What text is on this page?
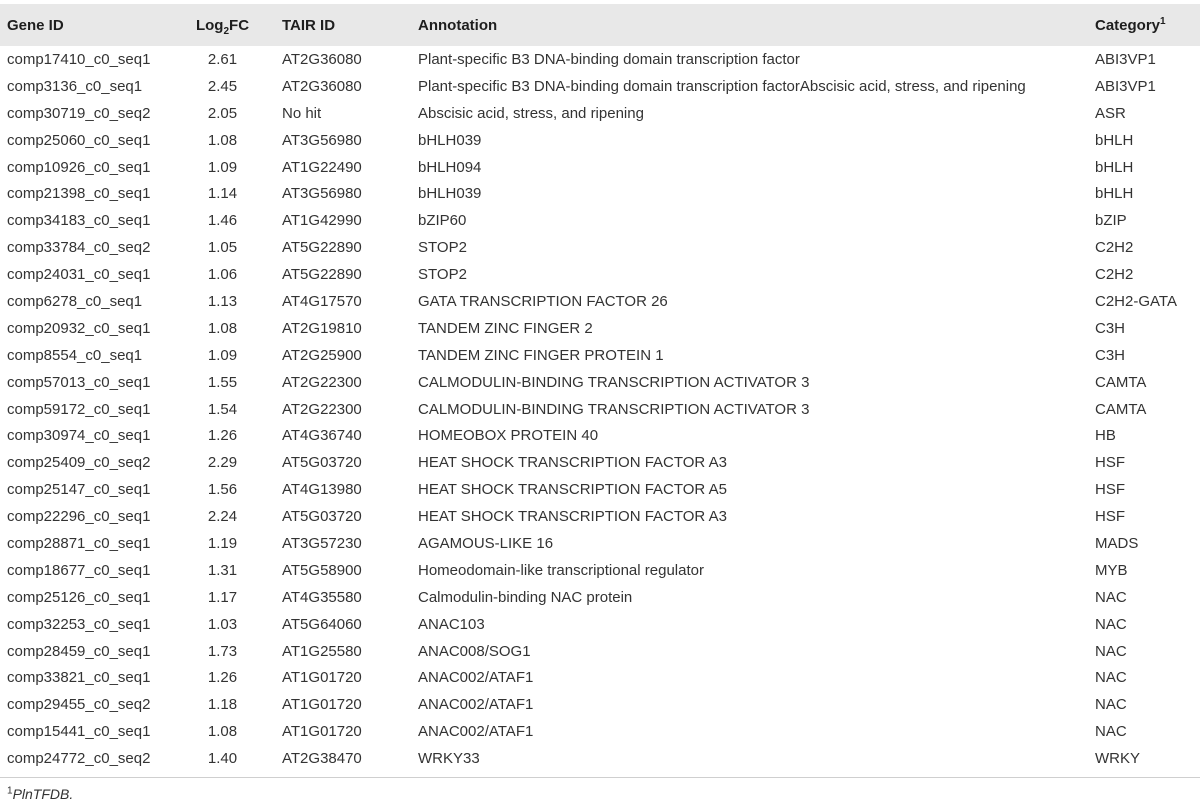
Gene ID	Log$_2$FC	TAIR ID	Annotation	Category$^1$
comp17410_c0_seq1	2.61	AT2G36080	Plant-specific B3 DNA-binding domain transcription factor	ABI3VP1
comp3136_c0_seq1	2.45	AT2G36080	Plant-specific B3 DNA-binding domain transcription factorAbscisic acid, stress, and ripening	ABI3VP1
comp30719_c0_seq2	2.05	No hit	Abscisic acid, stress, and ripening	ASR
comp25060_c0_seq1	1.08	AT3G56980	bHLH039	bHLH
comp10926_c0_seq1	1.09	AT1G22490	bHLH094	bHLH
comp21398_c0_seq1	1.14	AT3G56980	bHLH039	bHLH
comp34183_c0_seq1	1.46	AT1G42990	bZIP60	bZIP
comp33784_c0_seq2	1.05	AT5G22890	STOP2	C2H2
comp24031_c0_seq1	1.06	AT5G22890	STOP2	C2H2
comp6278_c0_seq1	1.13	AT4G17570	GATA TRANSCRIPTION FACTOR 26	C2H2-GATA
comp20932_c0_seq1	1.08	AT2G19810	TANDEM ZINC FINGER 2	C3H
comp8554_c0_seq1	1.09	AT2G25900	TANDEM ZINC FINGER PROTEIN 1	C3H
comp57013_c0_seq1	1.55	AT2G22300	CALMODULIN-BINDING TRANSCRIPTION ACTIVATOR 3	CAMTA
comp59172_c0_seq1	1.54	AT2G22300	CALMODULIN-BINDING TRANSCRIPTION ACTIVATOR 3	CAMTA
comp30974_c0_seq1	1.26	AT4G36740	HOMEOBOX PROTEIN 40	HB
comp25409_c0_seq2	2.29	AT5G03720	HEAT SHOCK TRANSCRIPTION FACTOR A3	HSF
comp25147_c0_seq1	1.56	AT4G13980	HEAT SHOCK TRANSCRIPTION FACTOR A5	HSF
comp22296_c0_seq1	2.24	AT5G03720	HEAT SHOCK TRANSCRIPTION FACTOR A3	HSF
comp28871_c0_seq1	1.19	AT3G57230	AGAMOUS-LIKE 16	MADS
comp18677_c0_seq1	1.31	AT5G58900	Homeodomain-like transcriptional regulator	MYB
comp25126_c0_seq1	1.17	AT4G35580	Calmodulin-binding NAC protein	NAC
comp32253_c0_seq1	1.03	AT5G64060	ANAC103	NAC
comp28459_c0_seq1	1.73	AT1G25580	ANAC008/SOG1	NAC
comp33821_c0_seq1	1.26	AT1G01720	ANAC002/ATAF1	NAC
comp29455_c0_seq2	1.18	AT1G01720	ANAC002/ATAF1	NAC
comp15441_c0_seq1	1.08	AT1G01720	ANAC002/ATAF1	NAC
comp24772_c0_seq2	1.40	AT2G38470	WRKY33	WRKY
$^1$PlnTFDB.
